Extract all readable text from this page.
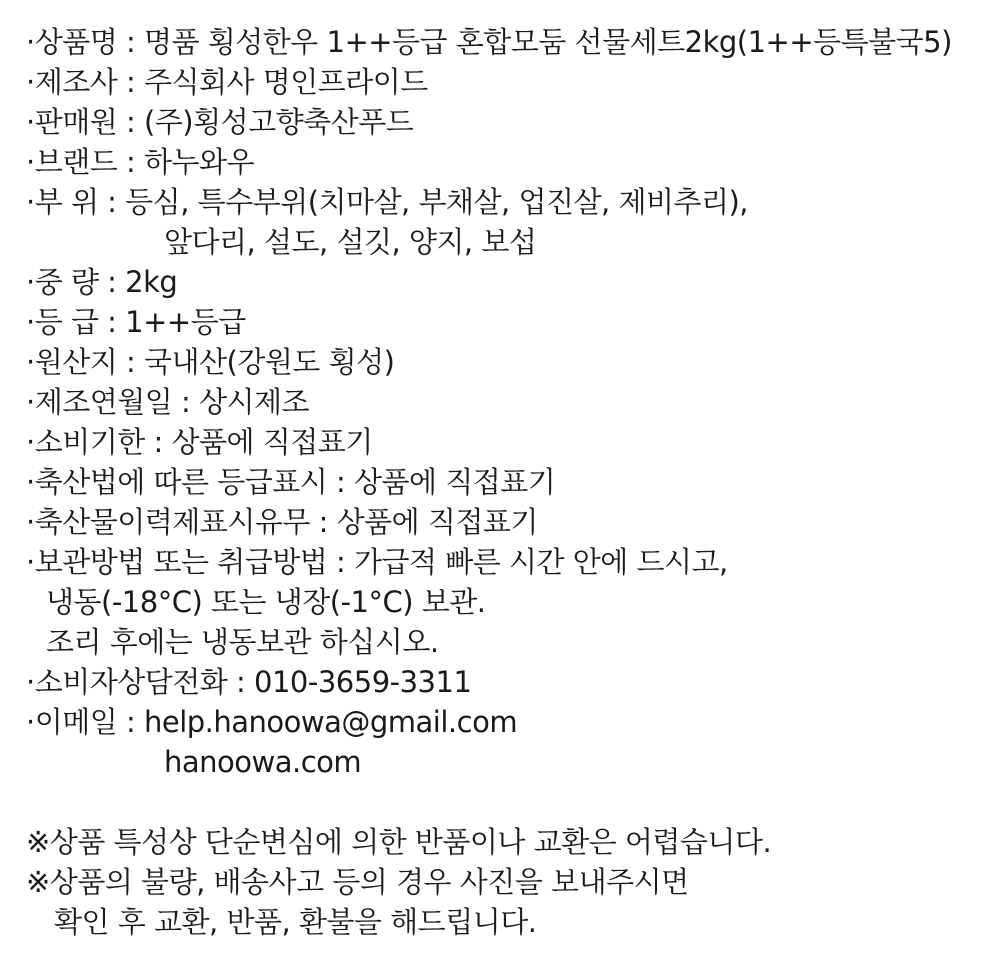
·상품명 : 명품 횡성한우 1++등급 혼합모둠 선물세트2kg(1++등특불국5)
·제조사 : 주식회사 명인프라이드
·판매원 : (주)횡성고향축산푸드
·브랜드 : 하누와우
·부 위 : 등심, 특수부위(치마살, 부채살, 업진살, 제비추리),
앞다리, 설도, 설깃, 양지, 보섭
·중 량 : 2kg
·등 급 : 1++등급
·원산지 : 국내산(강원도 횡성)
·제조연월일 : 상시제조
·소비기한 : 상품에 직접표기
·축산법에 따른 등급표시 : 상품에 직접표기
·축산물이력제표시유무 : 상품에 직접표기
·보관방법 또는 취급방법 : 가급적 빠른 시간 안에 드시고,
냉동(-18°C) 또는 냉장(-1°C) 보관.
조리 후에는 냉동보관 하십시오.
·소비자상담전화 : 010-3659-3311
·이메일 : help.hanoowa@gmail.com
hanoowa.com
※상품 특성상 단순변심에 의한 반품이나 교환은 어렵습니다.
※상품의 불량, 배송사고 등의 경우 사진을 보내주시면
확인 후 교환, 반품, 환불을 해드립니다.
